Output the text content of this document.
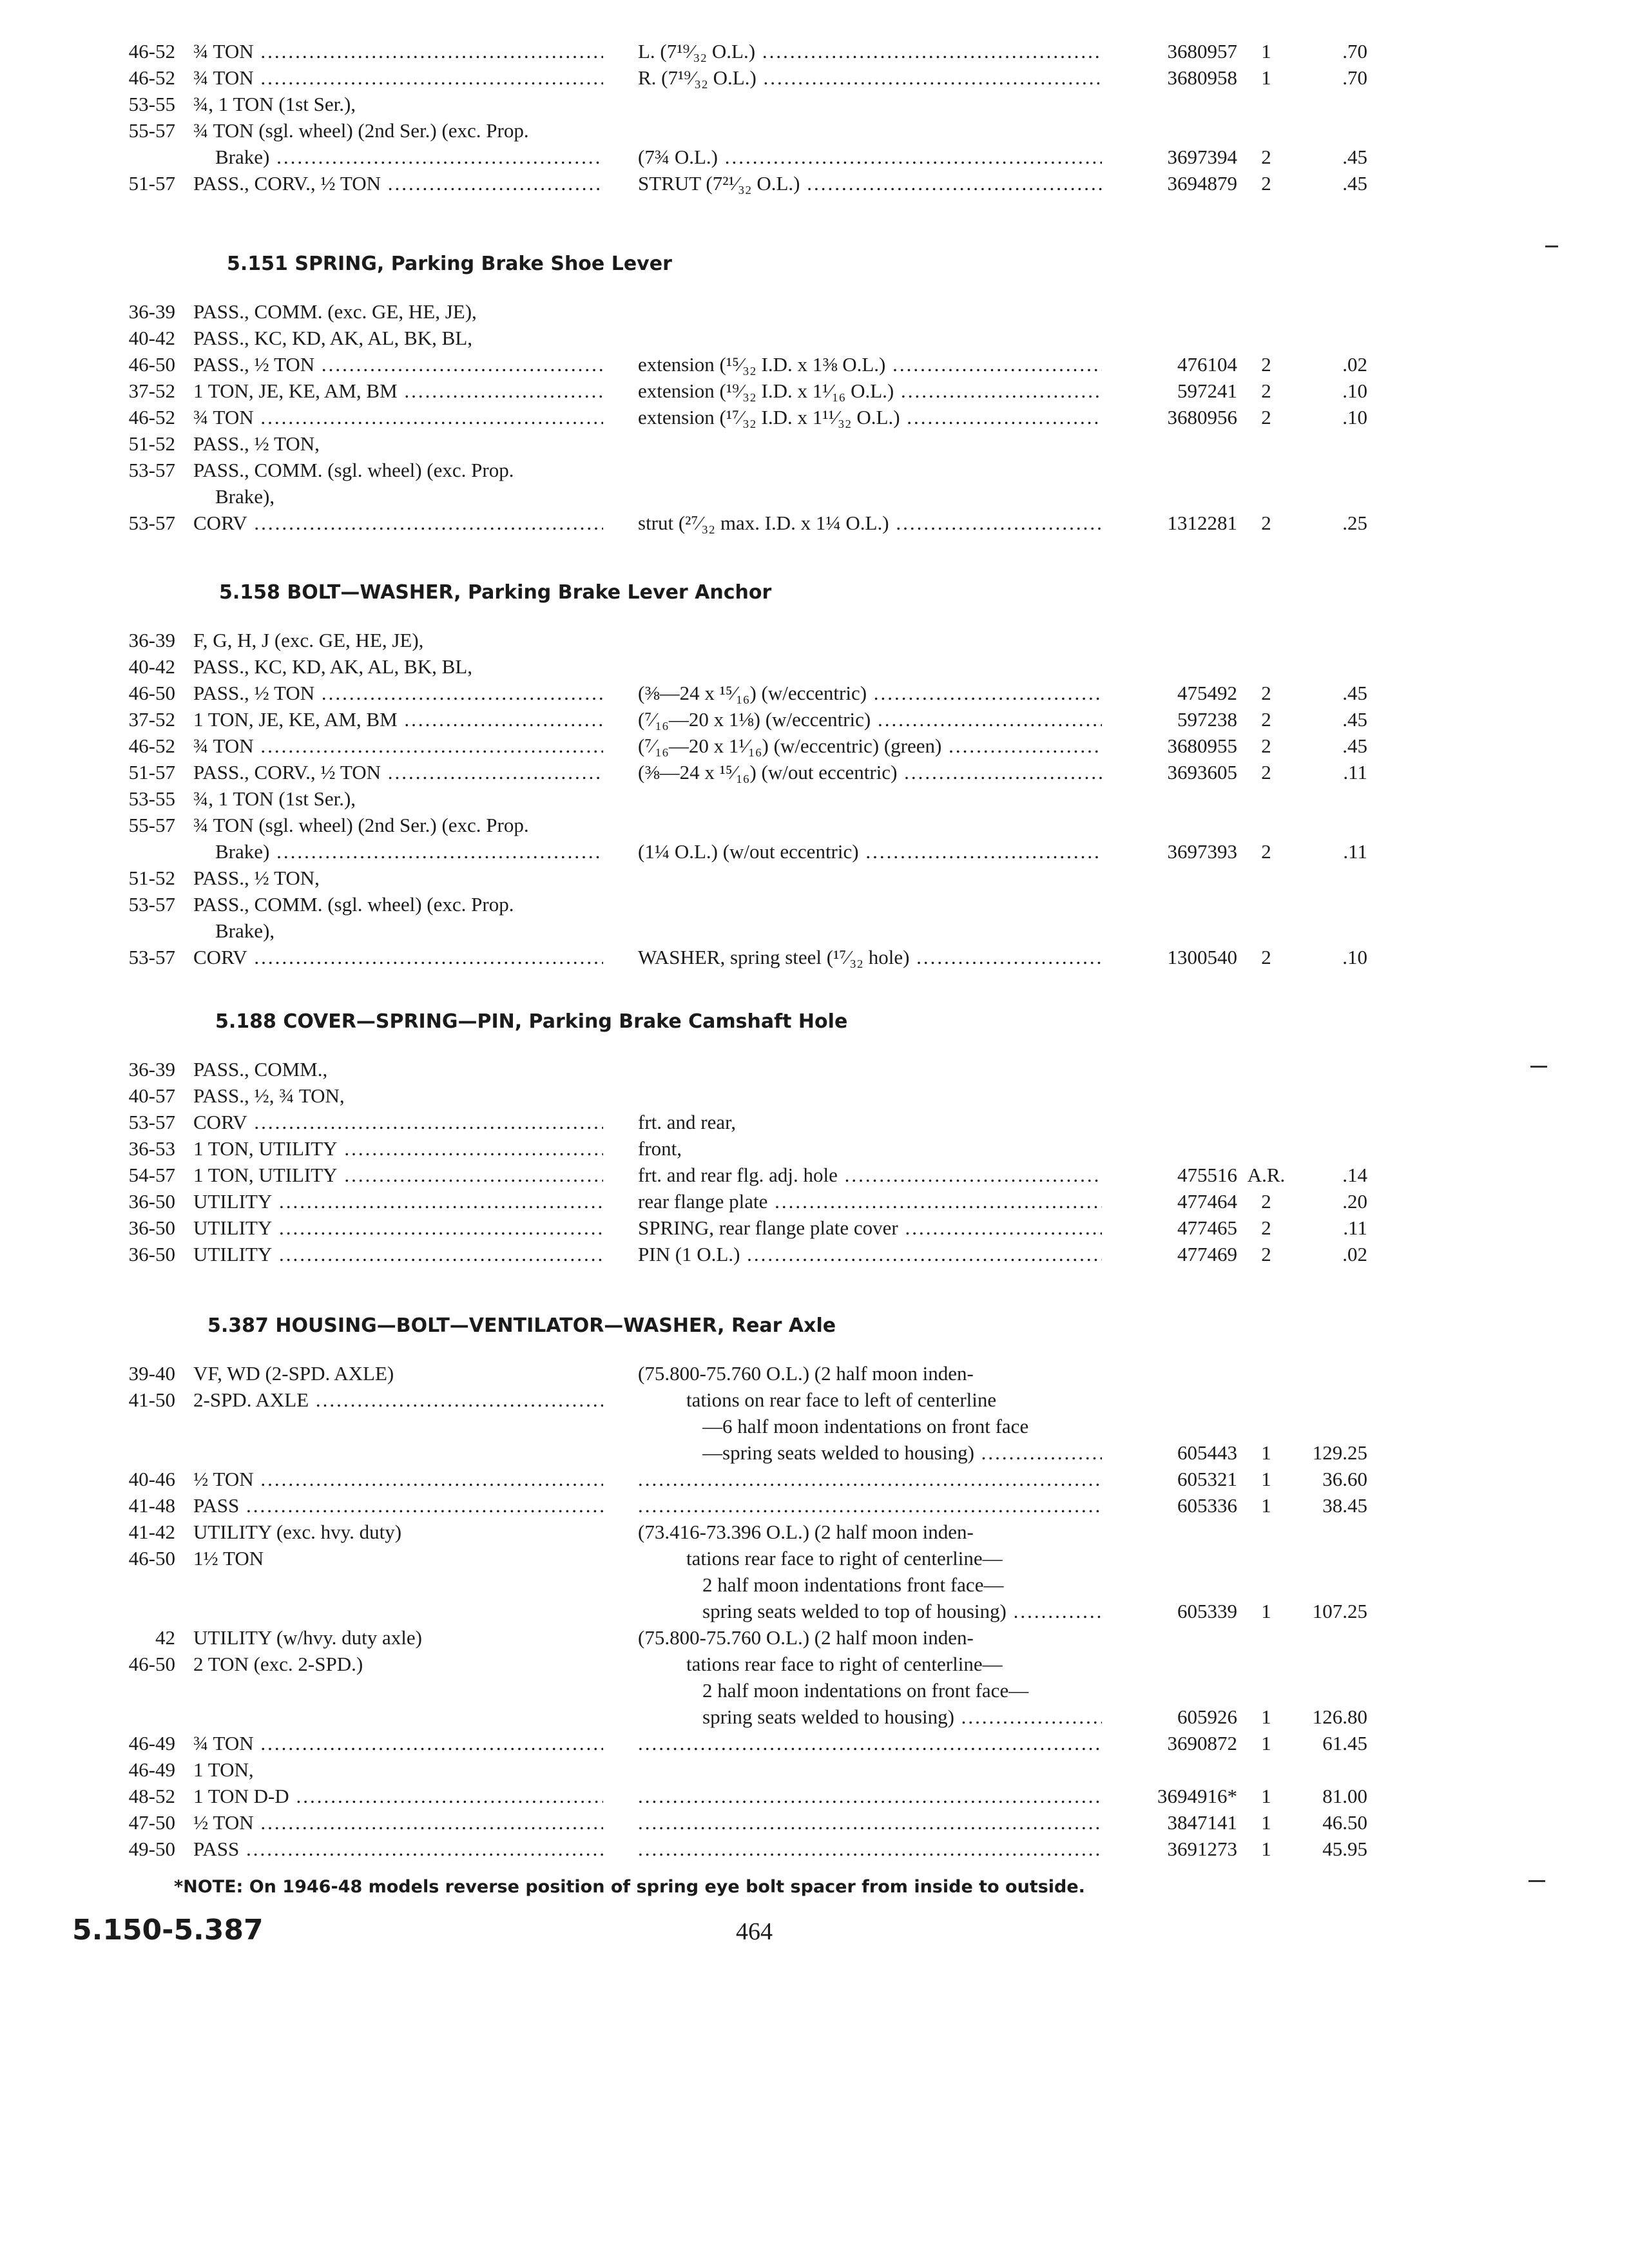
46-52 ¾ TON .....	L. (7¹⁹⁄₃₂ O.L.) .....	3680957	1	.70
46-52 ¾ TON .....	R. (7¹⁹⁄₃₂ O.L.) .....	3680958	1	.70
53-55 ¾, 1 TON (1st Ser.),
55-57 ¾ TON (sgl. wheel) (2nd Ser.) (exc. Prop.
Brake) .....	(7¾ O.L.) .....	3697394	2	.45
51-57 PASS., CORV., ½ TON .....	STRUT (7²¹⁄₃₂ O.L.) .....	3694879	2	.45
5.151 SPRING, Parking Brake Shoe Lever
36-39 PASS., COMM. (exc. GE, HE, JE),
40-42 PASS., KC, KD, AK, AL, BK, BL,
46-50 PASS., ½ TON .....	extension (¹⁵⁄₃₂ I.D. x 1⅜ O.L.) .....	476104	2	.02
37-52 1 TON, JE, KE, AM, BM .....	extension (¹⁹⁄₃₂ I.D. x 1¹⁄₁₆ O.L.) .....	597241	2	.10
46-52 ¾ TON .....	extension (¹⁷⁄₃₂ I.D. x 1¹¹⁄₃₂ O.L.) .....	3680956	2	.10
51-52 PASS., ½ TON,
53-57 PASS., COMM. (sgl. wheel) (exc. Prop.
Brake),
53-57 CORV .....	strut (²⁷⁄₃₂ max. I.D. x 1¼ O.L.) .....	1312281	2	.25
5.158 BOLT—WASHER, Parking Brake Lever Anchor
36-39 F, G, H, J (exc. GE, HE, JE),
40-42 PASS., KC, KD, AK, AL, BK, BL,
46-50 PASS., ½ TON .....	(⅜—24 x ¹⁵⁄₁₆) (w/eccentric) .....	475492	2	.45
37-52 1 TON, JE, KE, AM, BM .....	(⁷⁄₁₆—20 x 1⅛) (w/eccentric) .....	597238	2	.45
46-52 ¾ TON .....	(⁷⁄₁₆—20 x 1¹⁄₁₆) (w/eccentric) (green) .....	3680955	2	.45
51-57 PASS., CORV., ½ TON .....	(⅜—24 x ¹⁵⁄₁₆) (w/out eccentric) .....	3693605	2	.11
53-55 ¾, 1 TON (1st Ser.),
55-57 ¾ TON (sgl. wheel) (2nd Ser.) (exc. Prop.
Brake) .....	(1¼ O.L.) (w/out eccentric) .....	3697393	2	.11
51-52 PASS., ½ TON,
53-57 PASS., COMM. (sgl. wheel) (exc. Prop.
Brake),
53-57 CORV .....	WASHER, spring steel (¹⁷⁄₃₂ hole) .....	1300540	2	.10
5.188 COVER—SPRING—PIN, Parking Brake Camshaft Hole
36-39 PASS., COMM.,
40-57 PASS., ½, ¾ TON,
53-57 CORV .....	frt. and rear,
36-53 1 TON, UTILITY .....	front,
54-57 1 TON, UTILITY .....	frt. and rear flg. adj. hole .....	475516 A.R.	.14
36-50 UTILITY .....	rear flange plate .....	477464	2	.20
36-50 UTILITY .....	SPRING, rear flange plate cover .....	477465	2	.11
36-50 UTILITY .....	PIN (1 O.L.) .....	477469	2	.02
5.387 HOUSING—BOLT—VENTILATOR—WASHER, Rear Axle
39-40 VF, WD (2-SPD. AXLE)	(75.800-75.760 O.L.) (2 half moon inden-
41-50 2-SPD. AXLE .....	tations on rear face to left of centerline
—6 half moon indentations on front face
—spring seats welded to housing) .....	605443	1	129.25
40-46 ½ TON ..... .....	605321	1	36.60
41-48 PASS ..... .....	605336	1	38.45
41-42 UTILITY (exc. hvy. duty)	(73.416-73.396 O.L.) (2 half moon inden-
46-50 1½ TON	tations rear face to right of centerline—
2 half moon indentations front face—
spring seats welded to top of housing) .....	605339	1	107.25
42 UTILITY (w/hvy. duty axle)	(75.800-75.760 O.L.) (2 half moon inden-
46-50 2 TON (exc. 2-SPD.)	tations rear face to right of centerline—
2 half moon indentations on front face—
spring seats welded to housing) .....	605926	1	126.80
46-49 ¾ TON ..... .....	3690872	1	61.45
46-49 1 TON,
48-52 1 TON D-D ..... .....	3694916*	1	81.00
47-50 ½ TON ..... .....	3847141	1	46.50
49-50 PASS ..... .....	3691273	1	45.95
5.150-5.387	464
*NOTE: On 1946-48 models reverse position of spring eye bolt spacer from inside to outside.
